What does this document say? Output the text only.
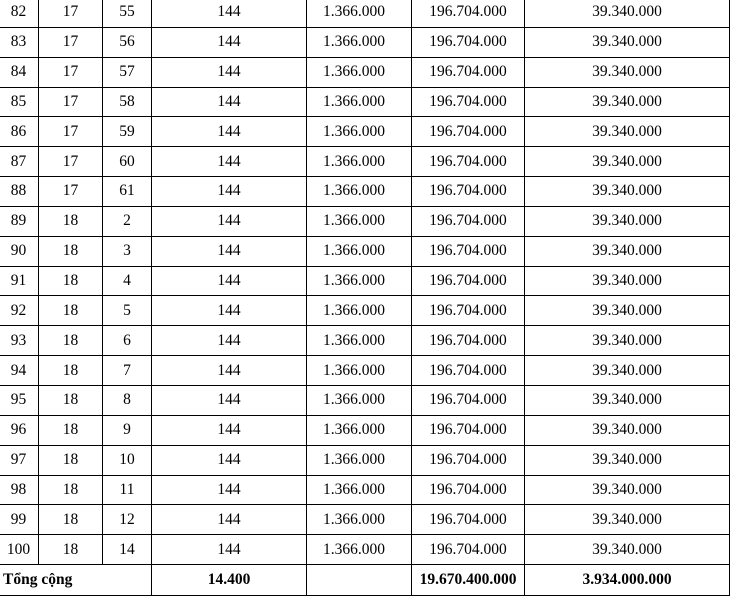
82	17	55	144	1.366.000	196.704.000	39.340.000
83	17	56	144	1.366.000	196.704.000	39.340.000
84	17	57	144	1.366.000	196.704.000	39.340.000
85	17	58	144	1.366.000	196.704.000	39.340.000
86	17	59	144	1.366.000	196.704.000	39.340.000
87	17	60	144	1.366.000	196.704.000	39.340.000
88	17	61	144	1.366.000	196.704.000	39.340.000
89	18	2	144	1.366.000	196.704.000	39.340.000
90	18	3	144	1.366.000	196.704.000	39.340.000
91	18	4	144	1.366.000	196.704.000	39.340.000
92	18	5	144	1.366.000	196.704.000	39.340.000
93	18	6	144	1.366.000	196.704.000	39.340.000
94	18	7	144	1.366.000	196.704.000	39.340.000
95	18	8	144	1.366.000	196.704.000	39.340.000
96	18	9	144	1.366.000	196.704.000	39.340.000
97	18	10	144	1.366.000	196.704.000	39.340.000
98	18	11	144	1.366.000	196.704.000	39.340.000
99	18	12	144	1.366.000	196.704.000	39.340.000
100	18	14	144	1.366.000	196.704.000	39.340.000
Tổng cộng			14.400		19.670.400.000	3.934.000.000
